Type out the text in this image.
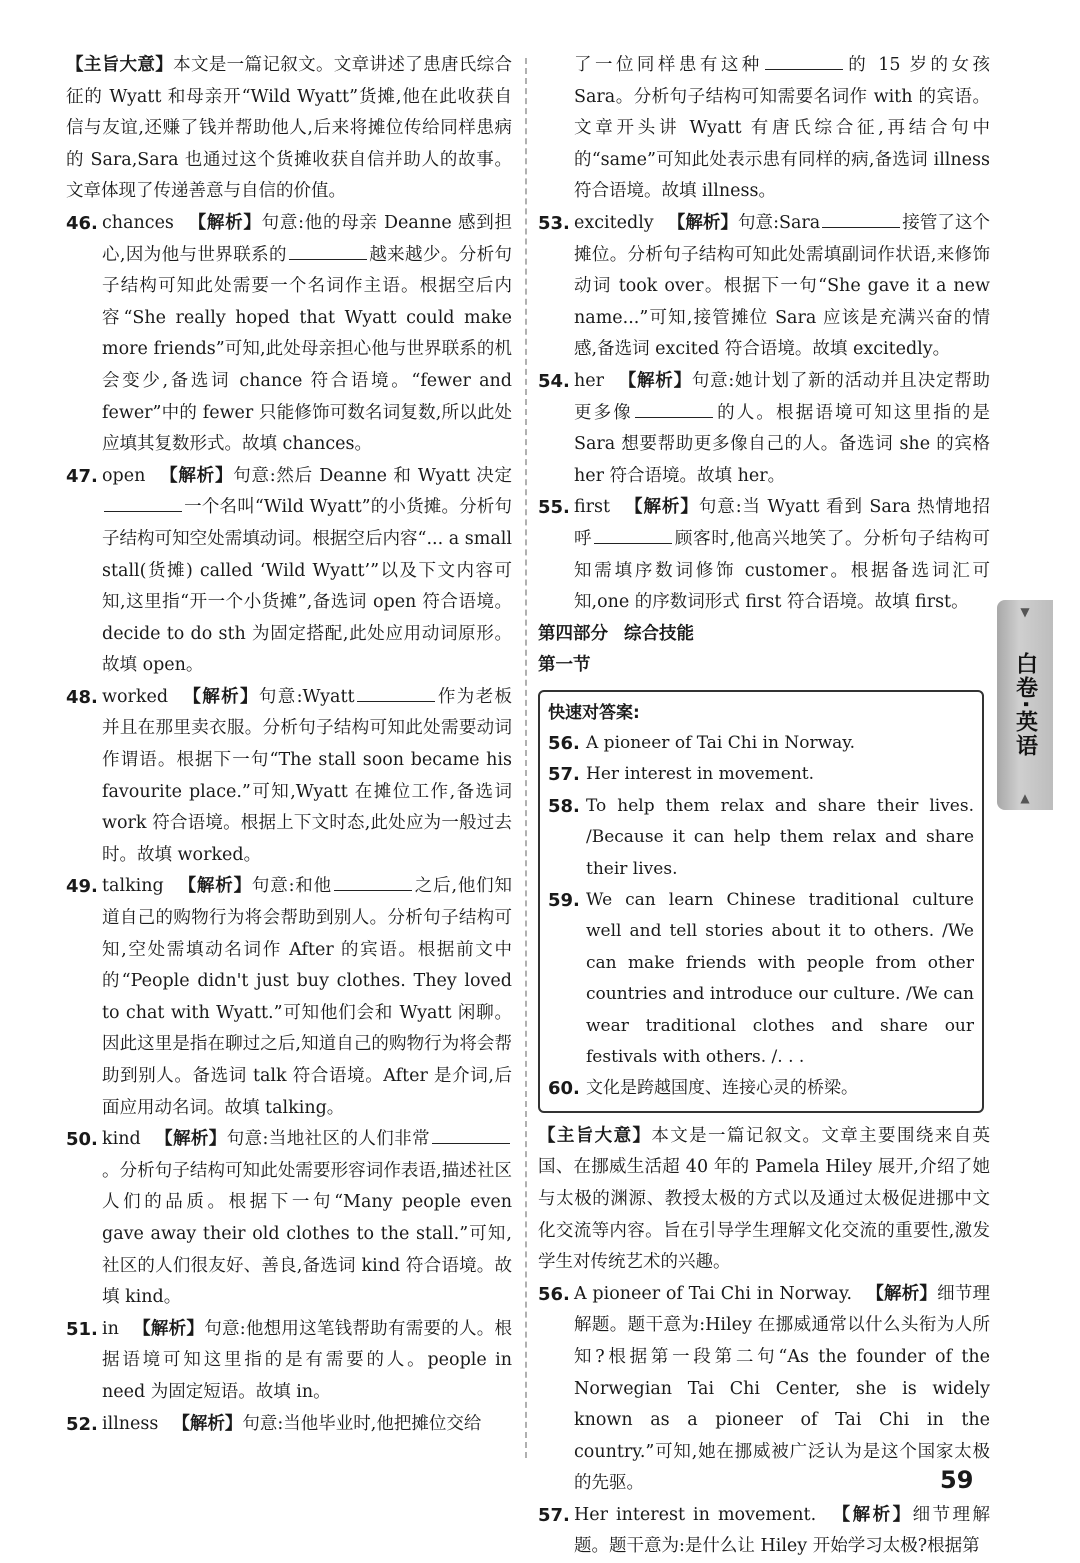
【主旨大意】本文是一篇记叙文。文章讲述了患唐氏综合征的 Wyatt 和母亲开“Wild Wyatt”货摊,他在此收获自信与友谊,还赚了钱并帮助他人,后来将摊位传给同样患病的 Sara,Sara 也通过这个货摊收获自信并助人的故事。文章体现了传递善意与自信的价值。

46. chances 【解析】句意:他的母亲 Deanne 感到担心,因为他与世界联系的	越来越少。分析句子结构可知此处需要一个名词作主语。根据空后内容“She really hoped that Wyatt could make more friends”可知,此处母亲担心他与世界联系的机会变少,备选词 chance 符合语境。“fewer and fewer”中的 fewer 只能修饰可数名词复数,所以此处应填其复数形式。故填 chances。
47. open 【解析】句意:然后 Deanne 和 Wyatt 决定一个名叫“Wild Wyatt”的小货摊。分析句子结构可知空处需填动词。根据空后内容“... a small stall(货摊) called ‘Wild Wyatt’”以及下文内容可知,这里指“开一个小货摊”,备选词 open 符合语境。decide to do sth 为固定搭配,此处应用动词原形。故填 open。
48. worked 【解析】句意:Wyatt	作为老板并且在那里卖衣服。分析句子结构可知此处需要动词作谓语。根据下一句“The stall soon became his favourite place.”可知,Wyatt 在摊位工作,备选词 work 符合语境。根据上下文时态,此处应为一般过去时。故填 worked。
49. talking 【解析】句意:和他	之后,他们知道自己的购物行为将会帮助到别人。分析句子结构可知,空处需填动名词作 After 的宾语。根据前文中的“People didn't just buy clothes. They loved to chat with Wyatt.”可知他们会和 Wyatt 闲聊。因此这里是指在聊过之后,知道自己的购物行为将会帮助到别人。备选词 talk 符合语境。After 是介词,后面应用动名词。故填 talking。
50. kind 【解析】句意:当地社区的人们非常。分析句子结构可知此处需要形容词作表语,描述社区人们的品质。根据下一句“Many people even gave away their old clothes to the stall.”可知,社区的人们很友好、善良,备选词 kind 符合语境。故填 kind。
51. in 【解析】句意:他想用这笔钱帮助有需要的人。根据语境可知这里指的是有需要的人。people in need 为固定短语。故填 in。
52. illness 【解析】句意:当他毕业时,他把摊位交给
了一位同样患有这种	的 15 岁的女孩 Sara。分析句子结构可知需要名词作 with 的宾语。文章开头讲 Wyatt 有唐氏综合征,再结合句中的“same”可知此处表示患有同样的病,备选词 illness 符合语境。故填 illness。
53. excitedly 【解析】句意:Sara	接管了这个摊位。分析句子结构可知此处需填副词作状语,来修饰动词 took over。根据下一句“She gave it a new name...”可知,接管摊位 Sara 应该是充满兴奋的情感,备选词 excited 符合语境。故填 excitedly。
54. her 【解析】句意:她计划了新的活动并且决定帮助更多像	的人。根据语境可知这里指的是 Sara 想要帮助更多像自己的人。备选词 she 的宾格 her 符合语境。故填 her。
55. first 【解析】句意:当 Wyatt 看到 Sara 热情地招呼	顾客时,他高兴地笑了。分析句子结构可知需填序数词修饰 customer。根据备选词汇可知,one 的序数词形式 first 符合语境。故填 first。

第四部分 综合技能

第一节

快速对答案:
56. A pioneer of Tai Chi in Norway.
57. Her interest in movement.
58. To help them relax and share their lives. /Because it can help them relax and share their lives.
59. We can learn Chinese traditional culture well and tell stories about it to others. /We can make friends with people from other countries and introduce our culture. /We can wear traditional clothes and share our festivals with others. /. . .
60. 文化是跨越国度、连接心灵的桥梁。

【主旨大意】本文是一篇记叙文。文章主要围绕来自英国、在挪威生活超 40 年的 Pamela Hiley 展开,介绍了她与太极的渊源、教授太极的方式以及通过太极促进挪中文化交流等内容。旨在引导学生理解文化交流的重要性,激发学生对传统艺术的兴趣。

56. A pioneer of Tai Chi in Norway. 【解析】细节理解题。题干意为:Hiley 在挪威通常以什么头衔为人所知?根据第一段第二句“As the founder of the Norwegian Tai Chi Center, she is widely known as a pioneer of Tai Chi in the country.”可知,她在挪威被广泛认为是这个国家太极的先驱。
57. Her interest in movement. 【解析】细节理解题。题干意为:是什么让 Hiley 开始学习太极?根据第
▼
白卷·英语
▲
59
